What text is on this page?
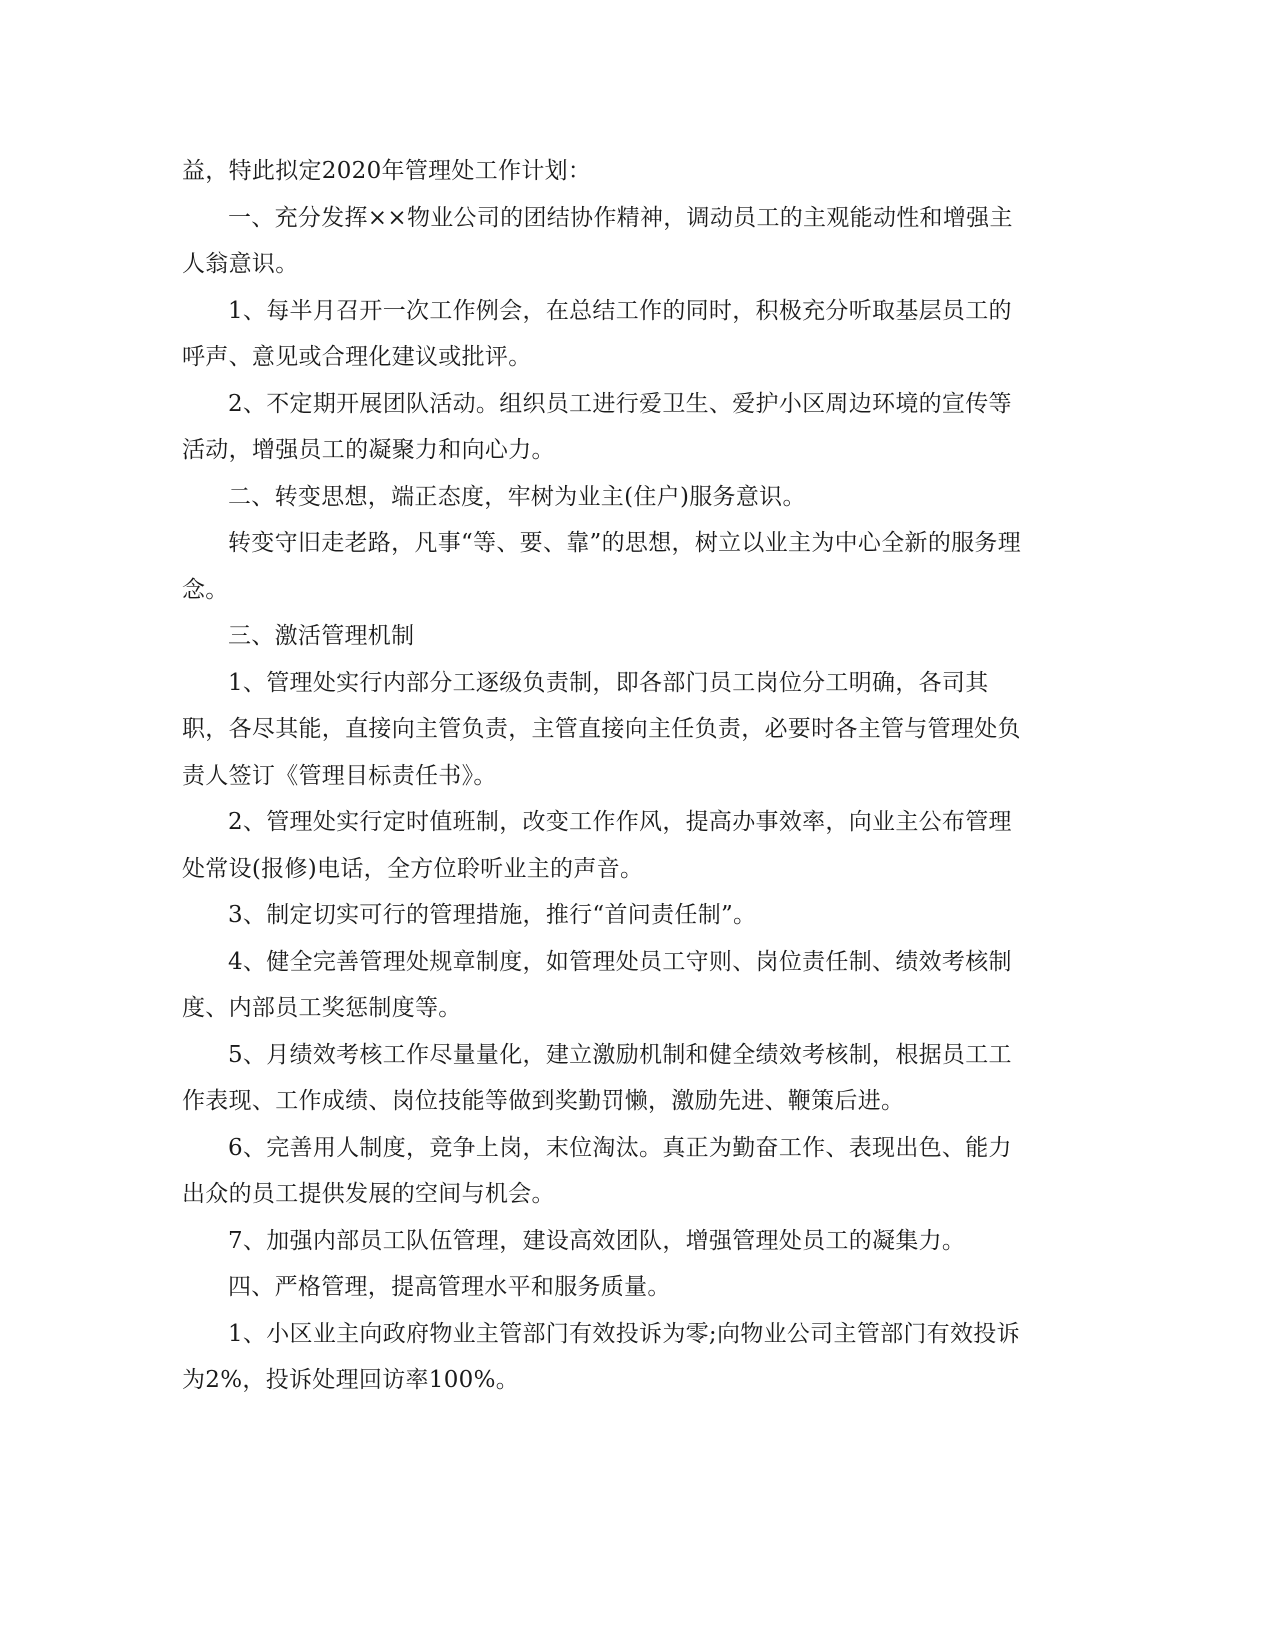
益，特此拟定2020年管理处工作计划：

一、充分发挥××物业公司的团结协作精神，调动员工的主观能动性和增强主人翁意识。

1、每半月召开一次工作例会，在总结工作的同时，积极充分听取基层员工的呼声、意见或合理化建议或批评。

2、不定期开展团队活动。组织员工进行爱卫生、爱护小区周边环境的宣传等活动，增强员工的凝聚力和向心力。

二、转变思想，端正态度，牢树为业主(住户)服务意识。

转变守旧走老路，凡事“等、要、靠”的思想，树立以业主为中心全新的服务理念。

三、激活管理机制

1、管理处实行内部分工逐级负责制，即各部门员工岗位分工明确，各司其职，各尽其能，直接向主管负责，主管直接向主任负责，必要时各主管与管理处负责人签订《管理目标责任书》。

2、管理处实行定时值班制，改变工作作风，提高办事效率，向业主公布管理处常设(报修)电话，全方位聆听业主的声音。

3、制定切实可行的管理措施，推行“首问责任制”。

4、健全完善管理处规章制度，如管理处员工守则、岗位责任制、绩效考核制度、内部员工奖惩制度等。

5、月绩效考核工作尽量量化，建立激励机制和健全绩效考核制，根据员工工作表现、工作成绩、岗位技能等做到奖勤罚懒，激励先进、鞭策后进。

6、完善用人制度，竞争上岗，末位淘汰。真正为勤奋工作、表现出色、能力出众的员工提供发展的空间与机会。

7、加强内部员工队伍管理，建设高效团队，增强管理处员工的凝集力。

四、严格管理，提高管理水平和服务质量。

1、小区业主向政府物业主管部门有效投诉为零;向物业公司主管部门有效投诉为2%，投诉处理回访率100%。
